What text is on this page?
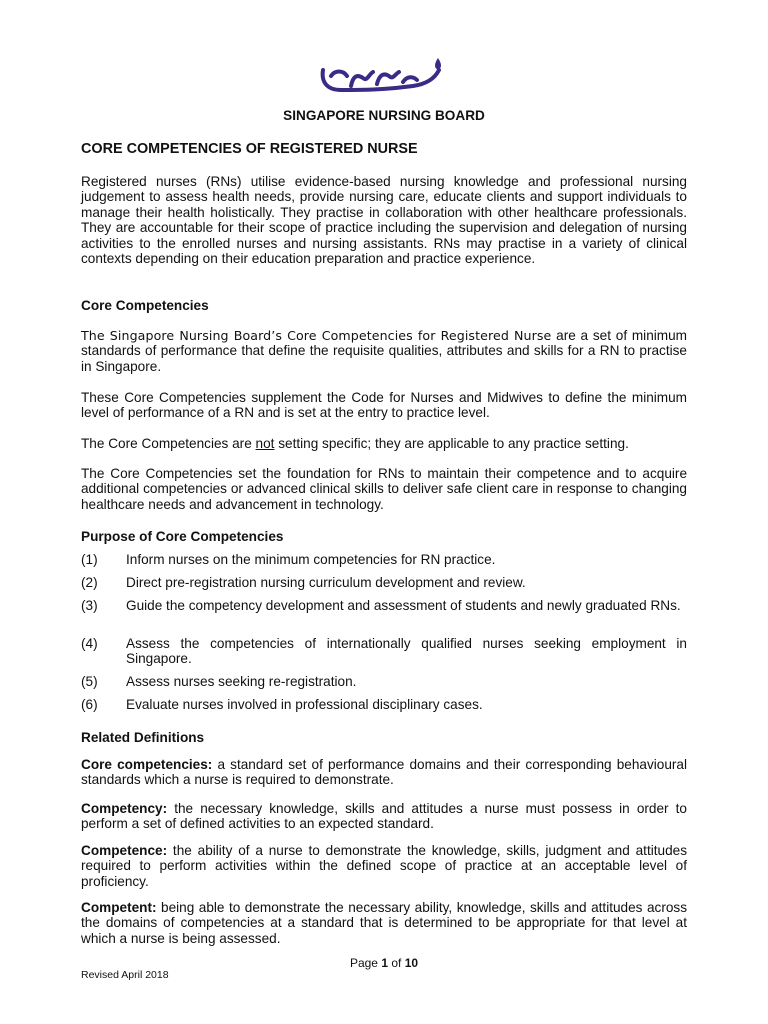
SINGAPORE NURSING BOARD
CORE COMPETENCIES OF REGISTERED NURSE
Registered nurses (RNs) utilise evidence-based nursing knowledge and professional nursing judgement to assess health needs, provide nursing care, educate clients and support individuals to manage their health holistically. They practise in collaboration with other healthcare professionals. They are accountable for their scope of practice including the supervision and delegation of nursing activities to the enrolled nurses and nursing assistants. RNs may practise in a variety of clinical contexts depending on their education preparation and practice experience.
Core Competencies
The Singapore Nursing Board’s Core Competencies for Registered Nurse are a set of minimum standards of performance that define the requisite qualities, attributes and skills for a RN to practise in Singapore.
These Core Competencies supplement the Code for Nurses and Midwives to define the minimum level of performance of a RN and is set at the entry to practice level.
The Core Competencies are not setting specific; they are applicable to any practice setting.
The Core Competencies set the foundation for RNs to maintain their competence and to acquire additional competencies or advanced clinical skills to deliver safe client care in response to changing healthcare needs and advancement in technology.
Purpose of Core Competencies
(1)	Inform nurses on the minimum competencies for RN practice.
(2)	Direct pre-registration nursing curriculum development and review.
(3)	Guide the competency development and assessment of students and newly graduated RNs.
(4)	Assess the competencies of internationally qualified nurses seeking employment in Singapore.
(5)	Assess nurses seeking re-registration.
(6)	Evaluate nurses involved in professional disciplinary cases.
Related Definitions
Core competencies: a standard set of performance domains and their corresponding behavioural standards which a nurse is required to demonstrate.
Competency: the necessary knowledge, skills and attitudes a nurse must possess in order to perform a set of defined activities to an expected standard.
Competence: the ability of a nurse to demonstrate the knowledge, skills, judgment and attitudes required to perform activities within the defined scope of practice at an acceptable level of proficiency.
Competent: being able to demonstrate the necessary ability, knowledge, skills and attitudes across the domains of competencies at a standard that is determined to be appropriate for that level at which a nurse is being assessed.
Page 1 of 10
Revised April 2018
